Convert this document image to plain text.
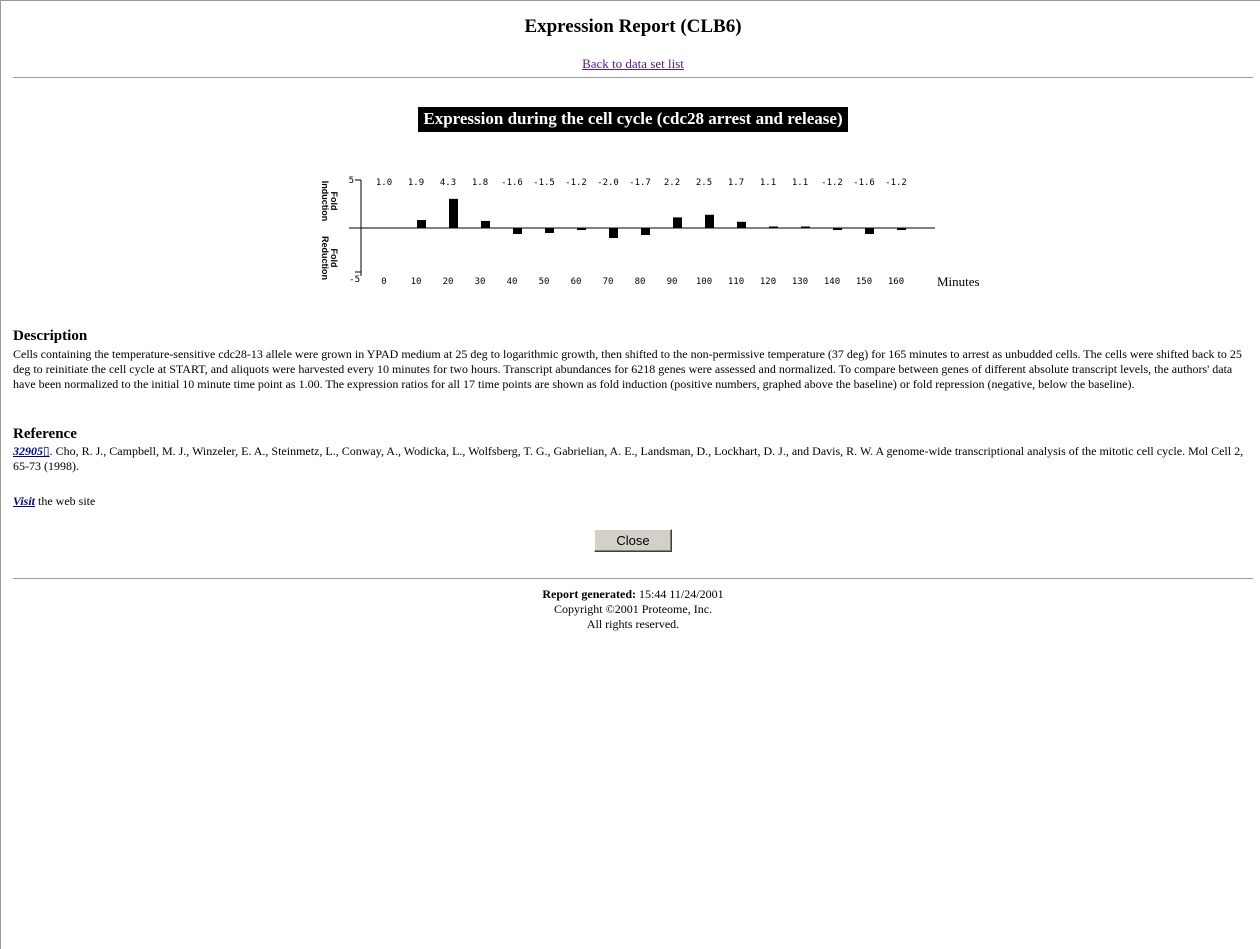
Expression Report (CLB6)
Back to data set list
Expression during the cell cycle (cdc28 arrest and release)
5
-5
FoldInduction
FoldReduction
1.0
0
1.9
10
4.3
20
1.8
30
-1.6
40
-1.5
50
-1.2
60
-2.0
70
-1.7
80
2.2
90
2.5
100
1.7
110
1.1
120
1.1
130
-1.2
140
-1.6
150
-1.2
160	Minutes
Description
Cells containing the temperature-sensitive cdc28-13 allele were grown in YPAD medium at 25 deg to logarithmic growth, then shifted to the non-permissive temperature (37 deg) for 165 minutes to arrest as unbudded cells. The cells were shifted back to 25 deg to reinitiate the cell cycle at START, and aliquots were harvested every 10 minutes for two hours. Transcript abundances for 6218 genes were assessed and normalized. To compare between genes of different absolute transcript levels, the authors' data have been normalized to the initial 10 minute time point as 1.00. The expression ratios for all 17 time points are shown as fold induction (positive numbers, graphed above the baseline) or fold repression (negative, below the baseline).
Reference
32905▯. Cho, R. J., Campbell, M. J., Winzeler, E. A., Steinmetz, L., Conway, A., Wodicka, L., Wolfsberg, T. G., Gabrielian, A. E., Landsman, D., Lockhart, D. J., and Davis, R. W. A genome-wide transcriptional analysis of the mitotic cell cycle. Mol Cell 2, 65-73 (1998).
Visit the web site
Close
Report generated: 15:44 11/24/2001
Copyright ©2001 Proteome, Inc.
All rights reserved.
